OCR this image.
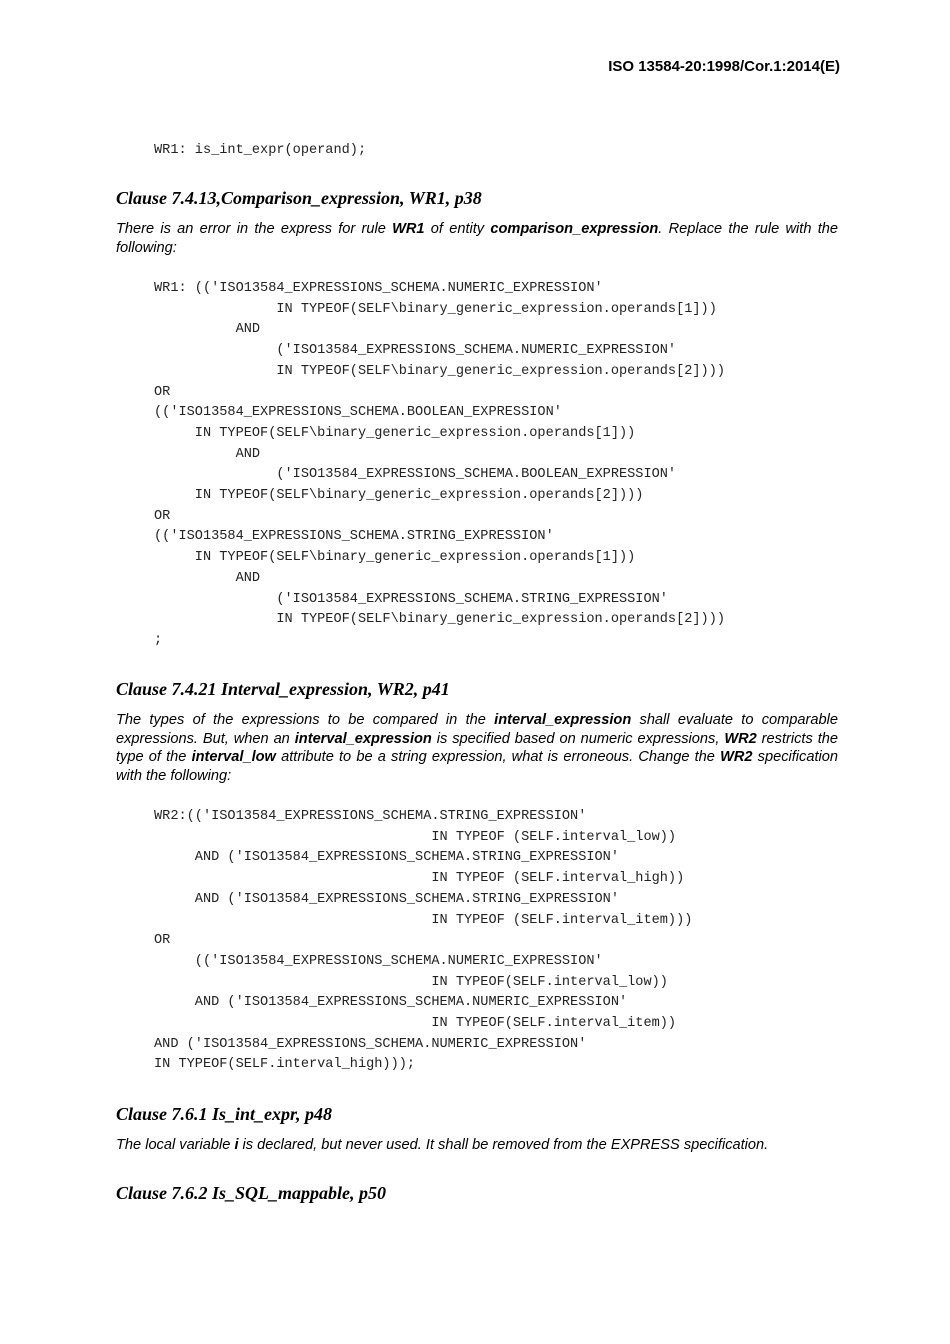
ISO 13584-20:1998/Cor.1:2014(E)
WR1: is_int_expr(operand);
Clause 7.4.13,Comparison_expression, WR1, p38

There is an error in the express for rule WR1 of entity comparison_expression. Replace the rule with the following:

WR1: (('ISO13584_EXPRESSIONS_SCHEMA.NUMERIC_EXPRESSION'
IN TYPEOF(SELF\binary_generic_expression.operands[1]))
AND
('ISO13584_EXPRESSIONS_SCHEMA.NUMERIC_EXPRESSION'
IN TYPEOF(SELF\binary_generic_expression.operands[2])))
OR
(('ISO13584_EXPRESSIONS_SCHEMA.BOOLEAN_EXPRESSION'
IN TYPEOF(SELF\binary_generic_expression.operands[1]))
AND
('ISO13584_EXPRESSIONS_SCHEMA.BOOLEAN_EXPRESSION'
IN TYPEOF(SELF\binary_generic_expression.operands[2])))
OR
(('ISO13584_EXPRESSIONS_SCHEMA.STRING_EXPRESSION'
IN TYPEOF(SELF\binary_generic_expression.operands[1]))
AND
('ISO13584_EXPRESSIONS_SCHEMA.STRING_EXPRESSION'
IN TYPEOF(SELF\binary_generic_expression.operands[2])))
;
Clause 7.4.21 Interval_expression, WR2, p41

The types of the expressions to be compared in the interval_expression shall evaluate to comparable expressions. But, when an interval_expression is specified based on numeric expressions, WR2 restricts the type of the interval_low attribute to be a string expression, what is erroneous. Change the WR2 specification with the following:

WR2:(('ISO13584_EXPRESSIONS_SCHEMA.STRING_EXPRESSION'
IN TYPEOF (SELF.interval_low))
AND ('ISO13584_EXPRESSIONS_SCHEMA.STRING_EXPRESSION'
IN TYPEOF (SELF.interval_high))
AND ('ISO13584_EXPRESSIONS_SCHEMA.STRING_EXPRESSION'
IN TYPEOF (SELF.interval_item)))
OR
(('ISO13584_EXPRESSIONS_SCHEMA.NUMERIC_EXPRESSION'
IN TYPEOF(SELF.interval_low))
AND ('ISO13584_EXPRESSIONS_SCHEMA.NUMERIC_EXPRESSION'
IN TYPEOF(SELF.interval_item))
AND ('ISO13584_EXPRESSIONS_SCHEMA.NUMERIC_EXPRESSION'
IN TYPEOF(SELF.interval_high)));
Clause 7.6.1 Is_int_expr, p48

The local variable i is declared, but never used. It shall be removed from the EXPRESS specification.

Clause 7.6.2 Is_SQL_mappable, p50
